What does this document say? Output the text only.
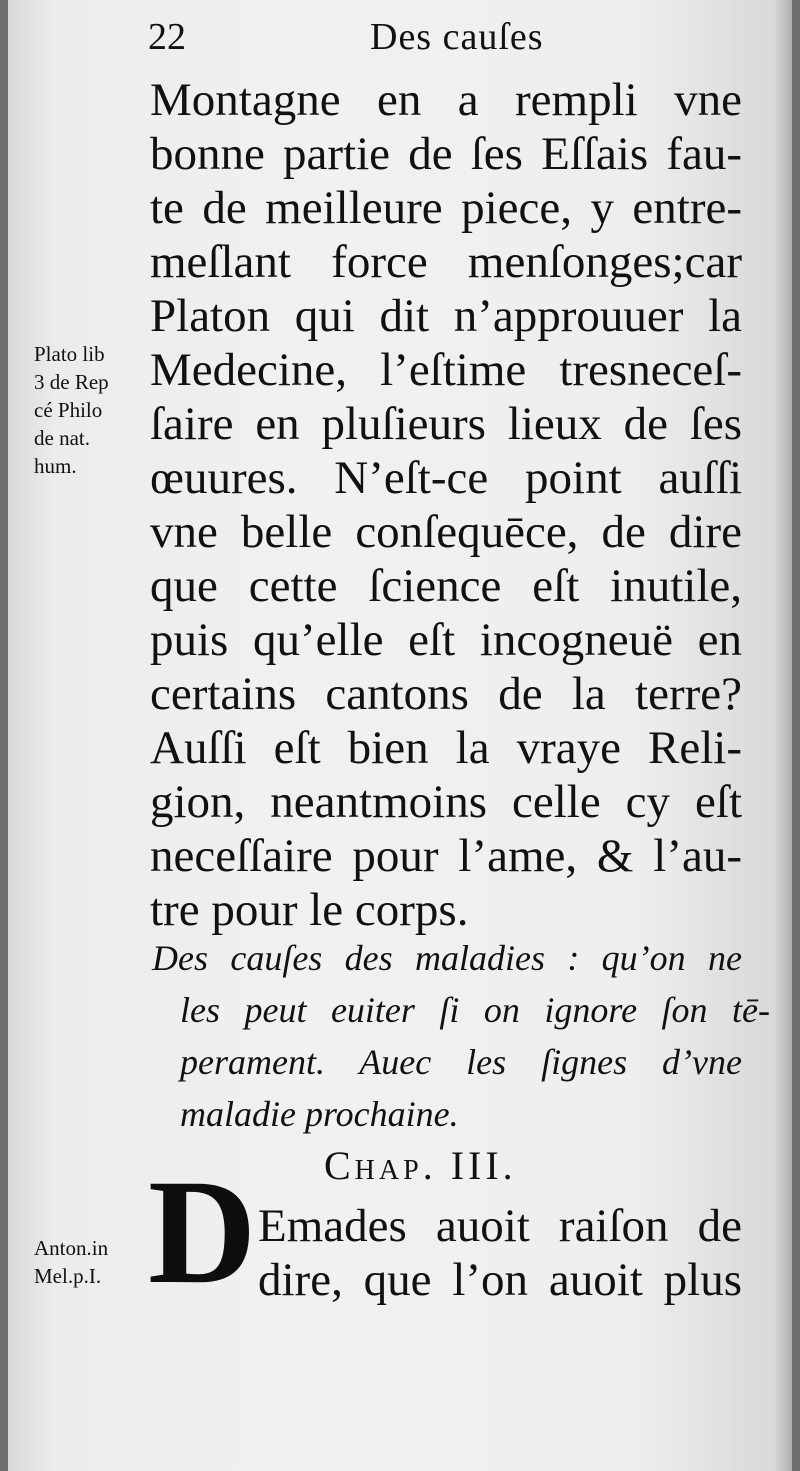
22	Des cauſes
Montagne en a rempli vne
bonne partie de ſes Eſſais fau-
te de meilleure piece, y entre-
meſlant force menſonges;car
Platon qui dit n’approuuer la
Medecine, l’eſtime tresneceſ-
ſaire en pluſieurs lieux de ſes
œuures. N’eſt-ce point auſſi
vne belle conſequēce, de dire
que cette ſcience eſt inutile,
puis qu’elle eſt incogneuë en
certains cantons de la terre?
Auſſi eſt bien la vraye Reli-
gion, neantmoins celle cy eſt
neceſſaire pour l’ame, & l’au-
tre pour le corps.
Plato lib
3 de Rep
cé Philo
de nat.
hum.
Des cauſes des maladies : qu’on ne
les peut euiter ſi on ignore ſon tē-
perament. Auec les ſignes d’vne
maladie prochaine.
Chap. III.
D Emades auoit raiſon de
dire, que l’on auoit plus
Anton.in
Mel.p.I.
